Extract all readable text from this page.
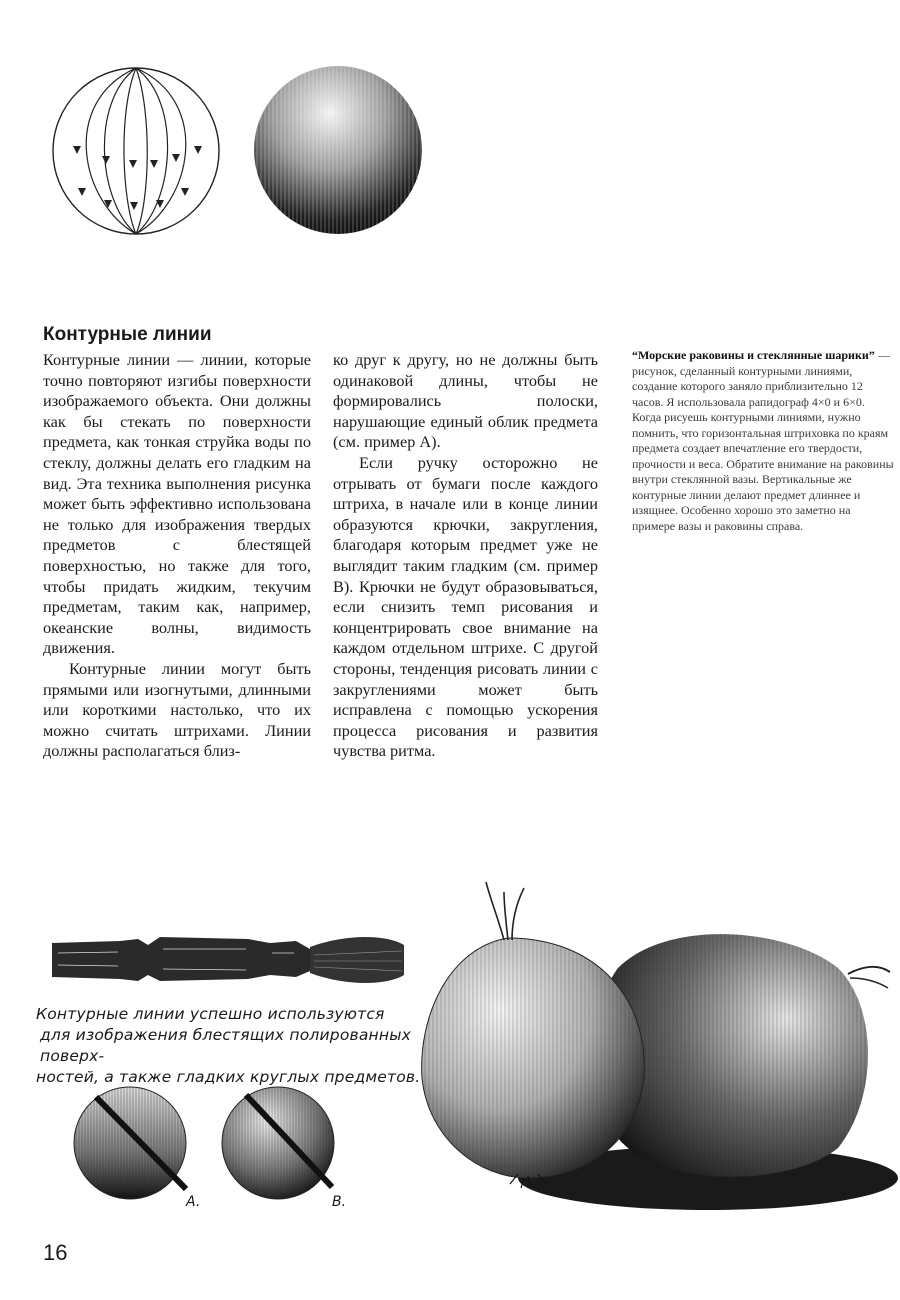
Контурные линии

Контурные линии — линии, которые точно повторяют изгибы поверхности изображаемого объекта. Они должны как бы стекать по поверхности предмета, как тонкая струйка воды по стеклу, должны делать его гладким на вид. Эта техника выполнения рисунка может быть эффективно использована не только для изображения твердых предметов с блестящей поверхностью, но также для того, чтобы придать жидким, текучим предметам, таким как, например, океанские волны, видимость движения.

Контурные линии могут быть прямыми или изогнутыми, длинными или короткими настолько, что их можно считать штрихами. Линии должны располагаться близ-

ко друг к другу, но не должны быть одинаковой длины, чтобы не формировались полоски, нарушающие единый облик предмета (см. пример А).

Если ручку осторожно не отрывать от бумаги после каждого штриха, в начале или в конце линии образуются крючки, закругления, благодаря которым предмет уже не выглядит таким гладким (см. пример В). Крючки не будут образовываться, если снизить темп рисования и концентрировать свое внимание на каждом отдельном штрихе. С другой стороны, тенденция рисовать линии с закруглениями может быть исправлена с помощью ускорения процесса рисования и развития чувства ритма.

“Морские раковины и стеклянные шарики” — рисунок, сделанный контурными линиями, создание которого заняло приблизительно 12 часов. Я использовала рапидограф 4×0 и 6×0. Когда рисуешь контурными линиями, нужно помнить, что горизонтальная штриховка по краям предмета создает впечатление его твердости, прочности и веса. Обратите внимание на раковины внутри стеклянной вазы. Вертикальные же контурные линии делают предмет длиннее и изящнее. Особенно хорошо это заметно на примере вазы и раковины справа.
Контурные линии успешно используются
для изображения блестящих полированных поверх-
ностей, а также гладких круглых предметов.
A.	B.
16
